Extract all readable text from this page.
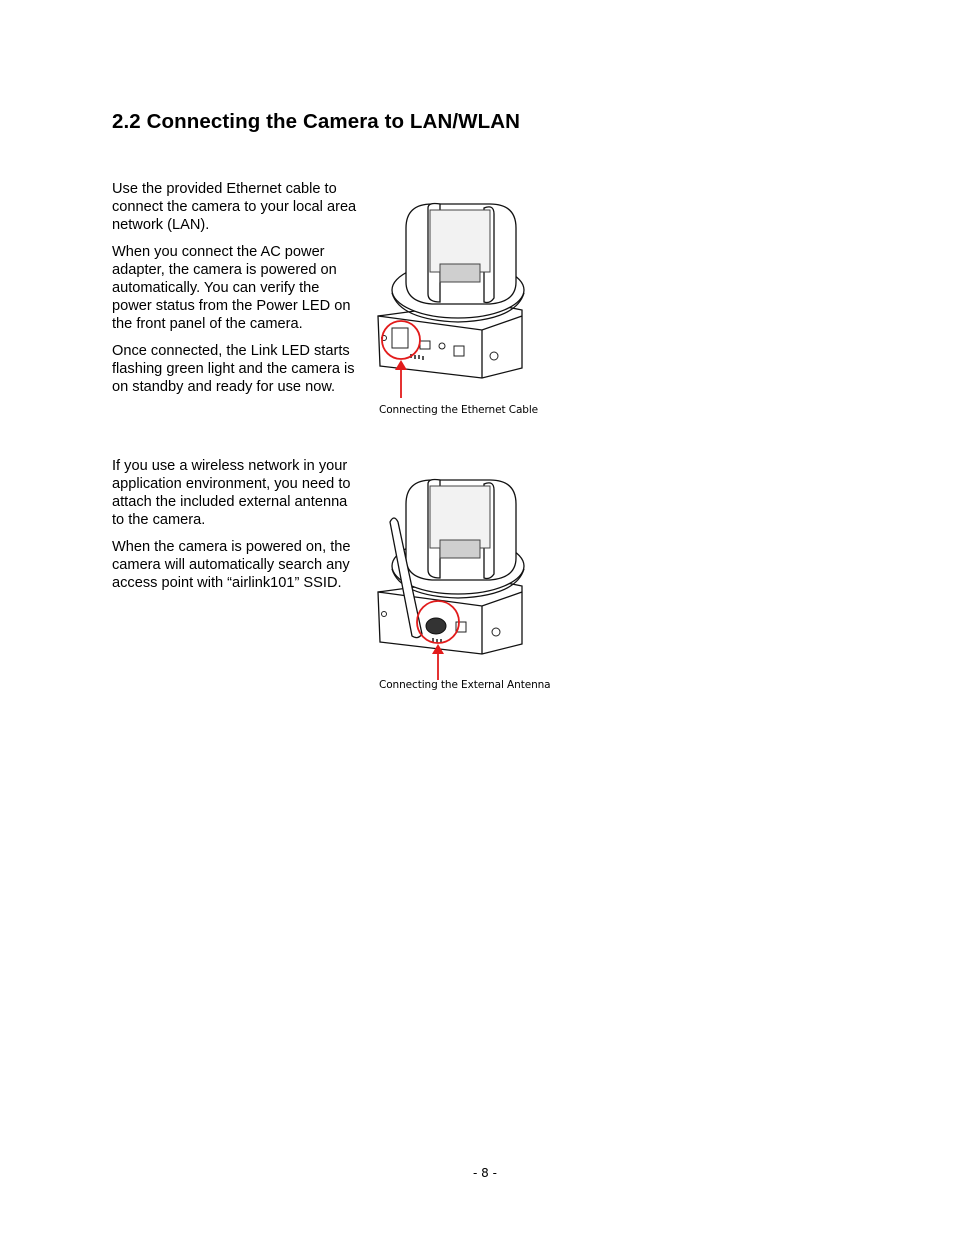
2.2 Connecting the Camera to LAN/WLAN

Use the provided Ethernet cable to connect the camera to your local area network (LAN).

When you connect the AC power adapter, the camera is powered on automatically. You can verify the power status from the Power LED on the front panel of the camera.

Once connected, the Link LED starts flashing green light and the camera is on standby and ready for use now.

Connecting the Ethernet Cable

If you use a wireless network in your application environment, you need to attach the included external antenna to the camera.

When the camera is powered on, the camera will automatically search any access point with “airlink101” SSID.

Connecting the External Antenna

- 8 -
